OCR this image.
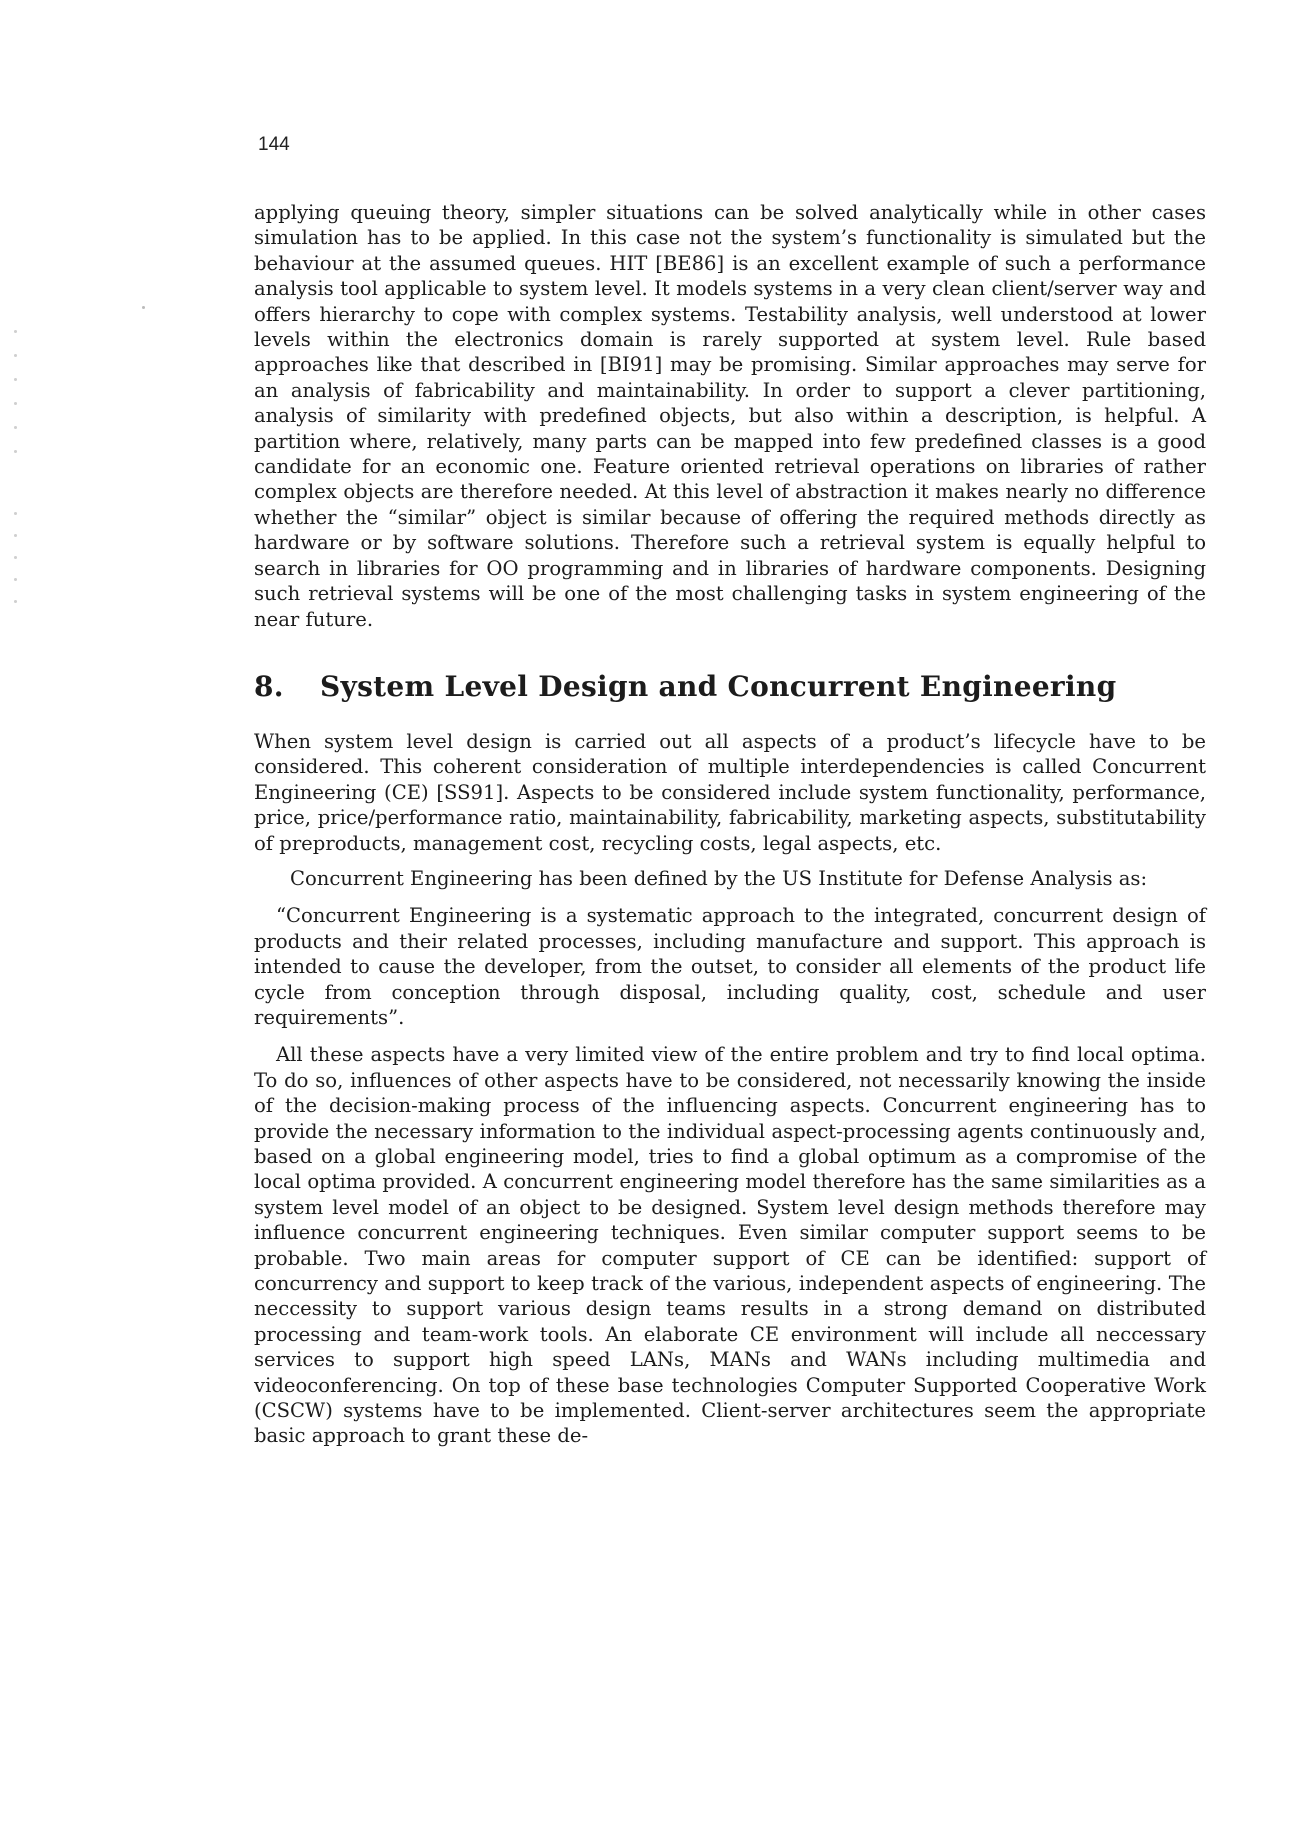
144

applying queuing theory, simpler situations can be solved analytically while in other cases simulation has to be applied. In this case not the system’s functionality is simulated but the behaviour at the assumed queues. HIT [BE86] is an excellent example of such a performance analysis tool applicable to system level. It models systems in a very clean client/server way and offers hierarchy to cope with complex systems. Testability analysis, well understood at lower levels within the electronics domain is rarely supported at system level. Rule based approaches like that described in [BI91] may be promising. Similar approaches may serve for an analysis of fabricability and maintainability. In order to support a clever partitioning, analysis of similarity with predefined objects, but also within a description, is helpful. A partition where, relatively, many parts can be mapped into few predefined classes is a good candidate for an economic one. Feature oriented retrieval operations on libraries of rather complex objects are therefore needed. At this level of abstraction it makes nearly no difference whether the “similar” object is similar because of offering the required methods directly as hardware or by software solutions. Therefore such a retrieval system is equally helpful to search in libraries for OO programming and in libraries of hardware components. Designing such retrieval systems will be one of the most challenging tasks in system engineering of the near future.

8. System Level Design and Concurrent Engineering

When system level design is carried out all aspects of a product’s lifecycle have to be considered. This coherent consideration of multiple interdependencies is called Concurrent Engineering (CE) [SS91]. Aspects to be considered include system functionality, performance, price, price/performance ratio, maintainability, fabricability, marketing aspects, substitutability of preproducts, management cost, recycling costs, legal aspects, etc.

Concurrent Engineering has been defined by the US Institute for Defense Analysis as:

“Concurrent Engineering is a systematic approach to the integrated, concurrent design of products and their related processes, including manufacture and support. This approach is intended to cause the developer, from the outset, to consider all elements of the product life cycle from conception through disposal, including quality, cost, schedule and user requirements”.

All these aspects have a very limited view of the entire problem and try to find local optima. To do so, influences of other aspects have to be considered, not necessarily knowing the inside of the decision-making process of the influencing aspects. Concurrent engineering has to provide the necessary information to the individual aspect-processing agents continuously and, based on a global engineering model, tries to find a global optimum as a compromise of the local optima provided. A concurrent engineering model therefore has the same similarities as a system level model of an object to be designed. System level design methods therefore may influence concurrent engineering techniques. Even similar computer support seems to be probable. Two main areas for computer support of CE can be identified: support of concurrency and support to keep track of the various, independent aspects of engineering. The neccessity to support various design teams results in a strong demand on distributed processing and team-work tools. An elaborate CE environment will include all neccessary services to support high speed LANs, MANs and WANs including multimedia and videoconferencing. On top of these base technologies Computer Supported Cooperative Work (CSCW) systems have to be implemented. Client-server architectures seem the appropriate basic approach to grant these de-
